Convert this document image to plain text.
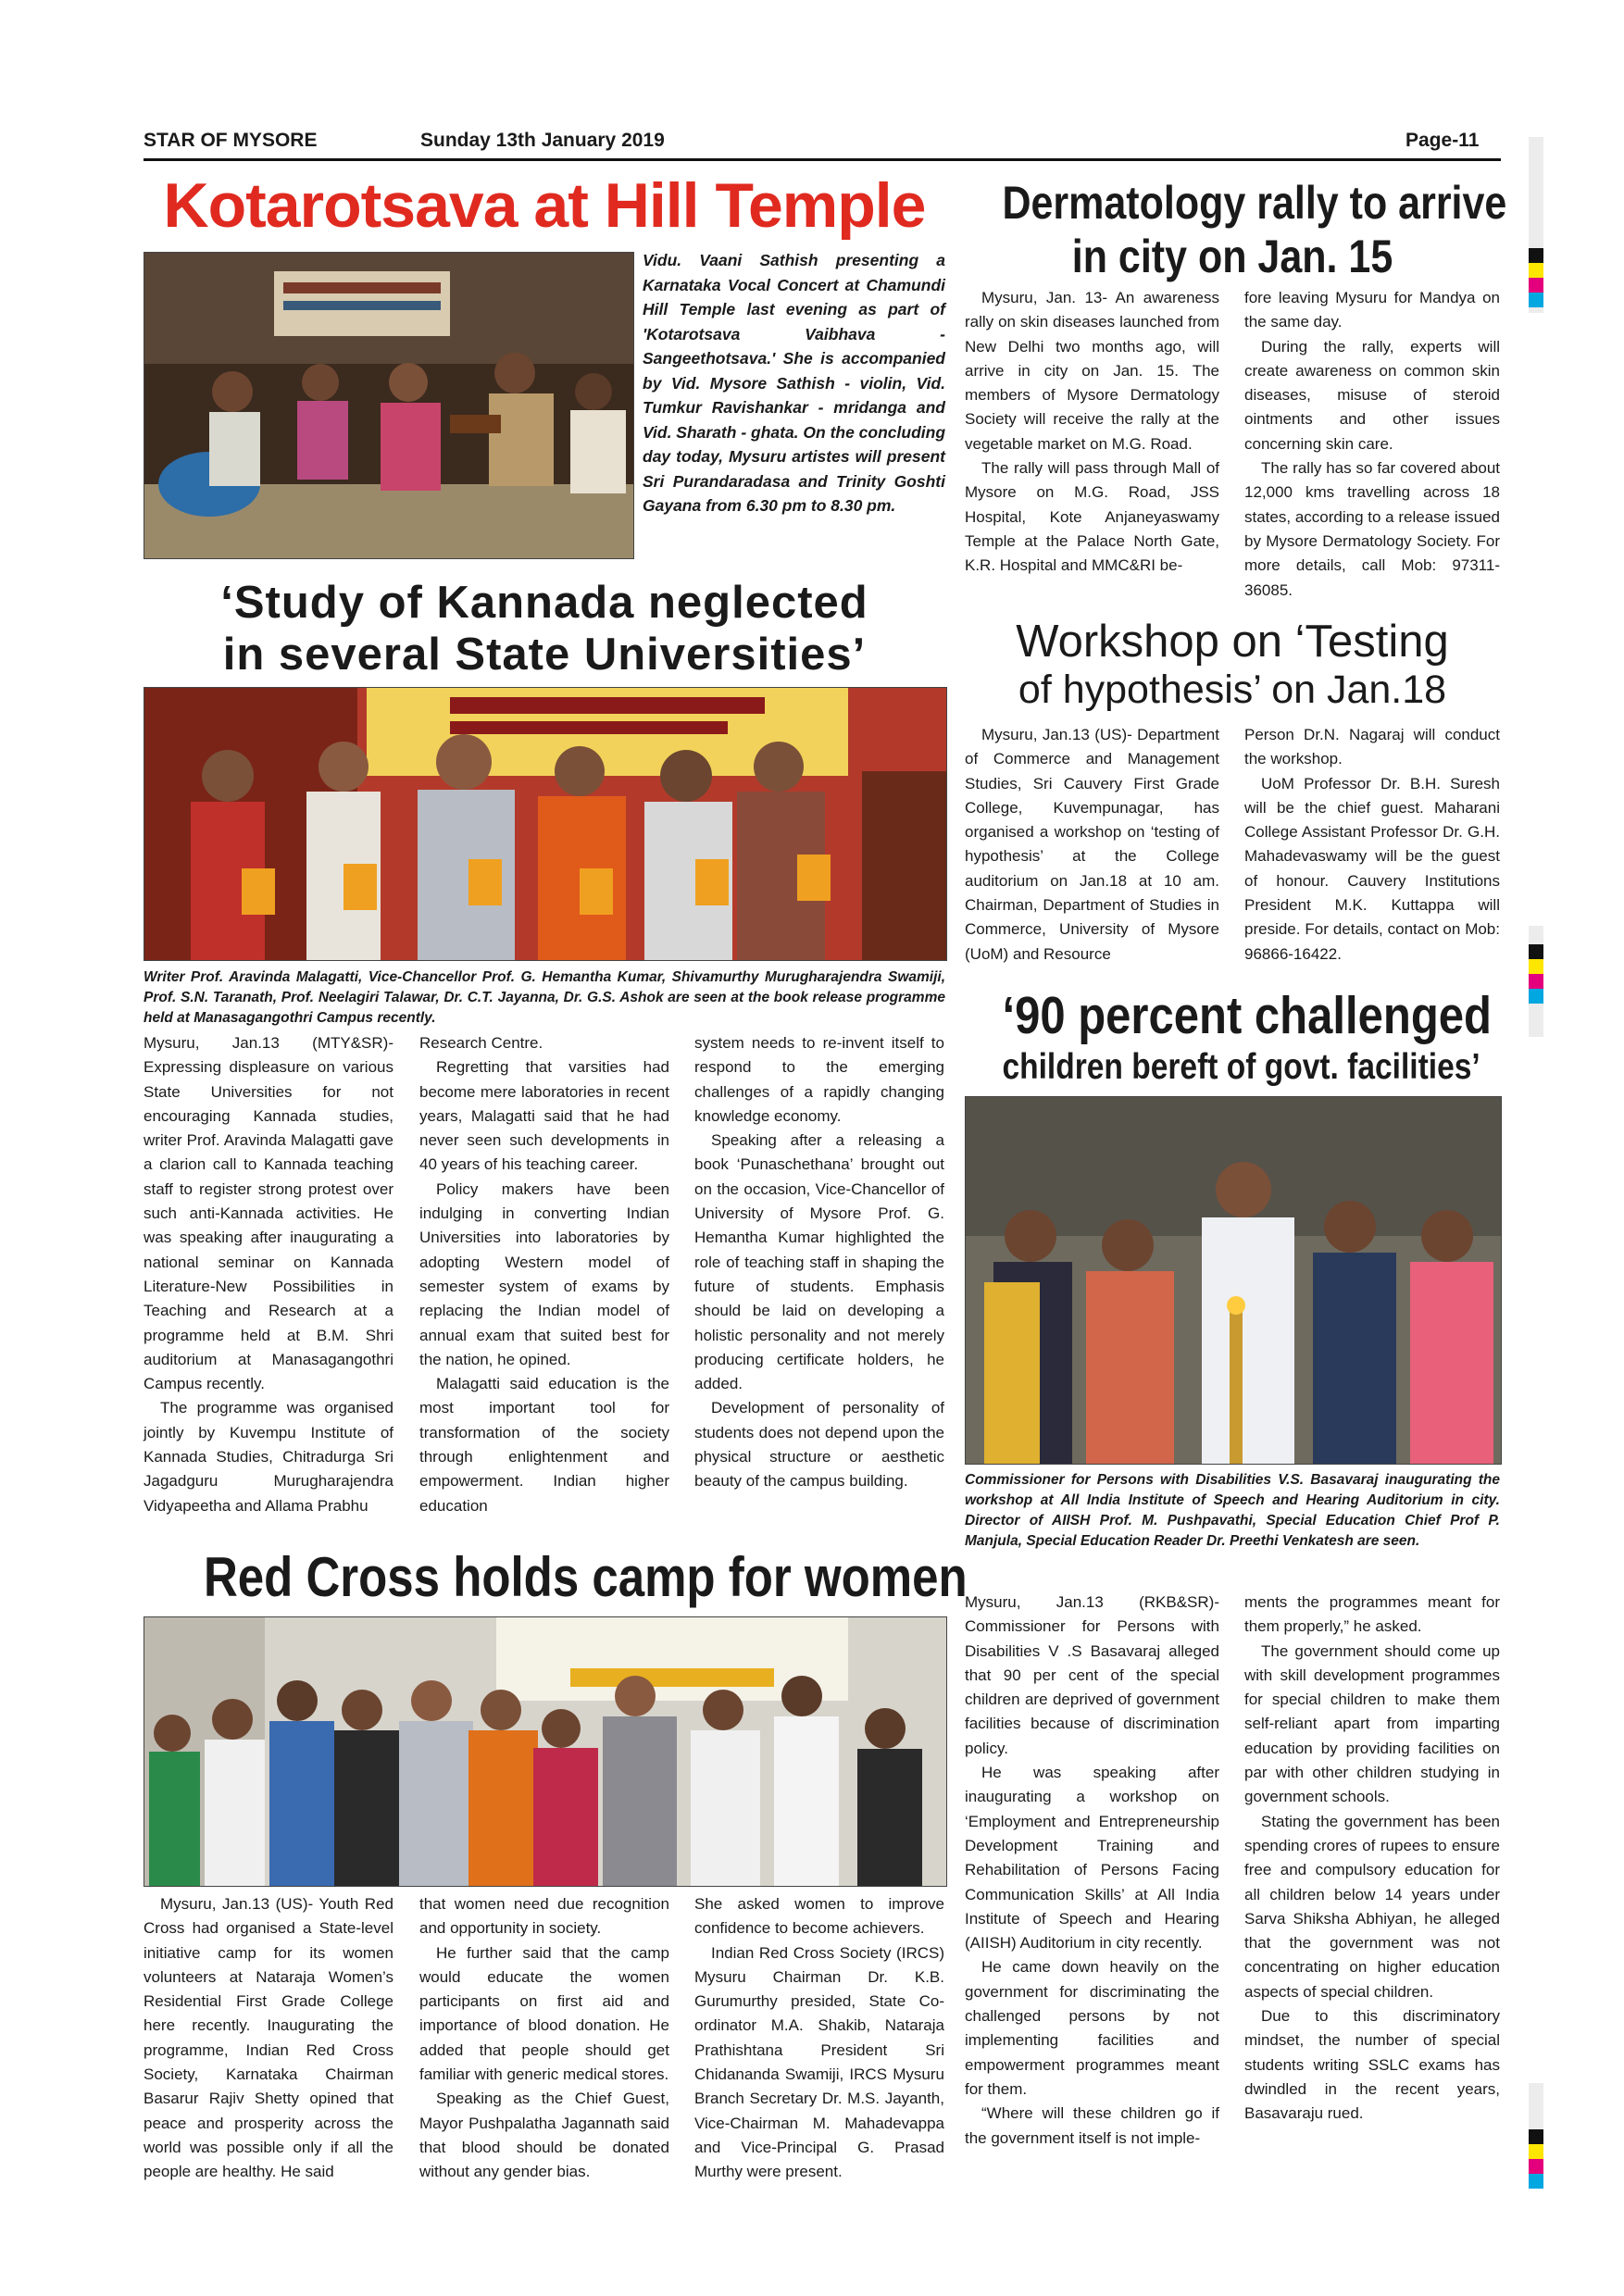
STAR OF MYSORE	Sunday 13th January 2019	Page-11
Kotarotsava at Hill Temple
Vidu. Vaani Sathish presenting a Karnataka Vocal Concert at Chamundi Hill Temple last evening as part of 'Kotarotsava Vaibhava - Sangeethotsava.' She is accompanied by Vid. Mysore Sathish - violin, Vid. Tumkur Ravishankar - mridanga and Vid. Sharath - ghata. On the concluding day today, Mysuru artistes will present Sri Purandaradasa and Trinity Goshti Gayana from 6.30 pm to 8.30 pm.
‘Study of Kannada neglected
in several State Universities’
Writer Prof. Aravinda Malagatti, Vice-Chancellor Prof. G. Hemantha Kumar, Shivamurthy Murugharajendra Swamiji, Prof. S.N. Taranath, Prof. Neelagiri Talawar, Dr. C.T. Jayanna, Dr. G.S. Ashok are seen at the book release programme held at Manasagangothri Campus recently.

Mysuru, Jan.13 (MTY&SR)- Expressing displeasure on various State Universities for not encouraging Kannada studies, writer Prof. Aravinda Malagatti gave a clarion call to Kannada teaching staff to register strong protest over such anti-Kannada activities. He was speaking after inaugurating a national seminar on Kannada Literature-New Possibilities in Teaching and Research at a programme held at B.M. Shri auditorium at Manasagangothri Campus recently.

The programme was organised jointly by Kuvempu Institute of Kannada Studies, Chitradurga Sri Jagadguru Murugharajendra Vidyapeetha and Allama Prabhu

Research Centre.

Regretting that varsities had become mere laboratories in recent years, Malagatti said that he had never seen such developments in 40 years of his teaching career.

Policy makers have been indulging in converting Indian Universities into laboratories by adopting Western model of semester system of exams by replacing the Indian model of annual exam that suited best for the nation, he opined.

Malagatti said education is the most important tool for transformation of the society through enlightenment and empowerment. Indian higher education

system needs to re-invent itself to respond to the emerging challenges of a rapidly changing knowledge economy.

Speaking after a releasing a book ‘Punaschethana’ brought out on the occasion, Vice-Chancellor of University of Mysore Prof. G. Hemantha Kumar highlighted the role of teaching staff in shaping the future of students. Emphasis should be laid on developing a holistic personality and not merely producing certificate holders, he added.

Development of personality of students does not depend upon the physical structure or aesthetic beauty of the campus building.

Red Cross holds camp for women

Mysuru, Jan.13 (US)- Youth Red Cross had organised a State-level initiative camp for its women volunteers at Nataraja Women’s Residential First Grade College here recently. Inaugurating the programme, Indian Red Cross Society, Karnataka Chairman Basarur Rajiv Shetty opined that peace and prosperity across the world was possible only if all the people are healthy. He said

that women need due recognition and opportunity in society.

He further said that the camp would educate the women participants on first aid and importance of blood donation. He added that people should get familiar with generic medical stores.

Speaking as the Chief Guest, Mayor Pushpalatha Jagannath said that blood should be donated without any gender bias.

She asked women to improve confidence to become achievers.

Indian Red Cross Society (IRCS) Mysuru Chairman Dr. K.B. Gurumurthy presided, State Co-ordinator M.A. Shakib, Nataraja Prathishtana President Sri Chidananda Swamiji, IRCS Mysuru Branch Secretary Dr. M.S. Jayanth, Vice-Chairman M. Mahadevappa and Vice-Principal G. Prasad Murthy were present.

Dermatology rally to arrive
in city on Jan. 15

Mysuru, Jan. 13- An awareness rally on skin diseases launched from New Delhi two months ago, will arrive in city on Jan. 15. The members of Mysore Dermatology Society will receive the rally at the vegetable market on M.G. Road.

The rally will pass through Mall of Mysore on M.G. Road, JSS Hospital, Kote Anjaneyaswamy Temple at the Palace North Gate, K.R. Hospital and MMC&RI be-

fore leaving Mysuru for Mandya on the same day.

During the rally, experts will create awareness on common skin diseases, misuse of steroid ointments and other issues concerning skin care.

The rally has so far covered about 12,000 kms travelling across 18 states, according to a release issued by Mysore Dermatology Society. For more details, call Mob: 97311-36085.

Workshop on ‘Testing
of hypothesis’ on Jan.18

Mysuru, Jan.13 (US)- Department of Commerce and Management Studies, Sri Cauvery First Grade College, Kuvempunagar, has organised a workshop on ‘testing of hypothesis’ at the College auditorium on Jan.18 at 10 am. Chairman, Department of Studies in Commerce, University of Mysore (UoM) and Resource

Person Dr.N. Nagaraj will conduct the workshop.

UoM Professor Dr. B.H. Suresh will be the chief guest. Maharani College Assistant Professor Dr. G.H. Mahadevaswamy will be the guest of honour. Cauvery Institutions President M.K. Kuttappa will preside. For details, contact on Mob: 96866-16422.

‘90 percent challenged
children bereft of govt. facilities’
Commissioner for Persons with Disabilities V.S. Basavaraj inaugurating the workshop at All India Institute of Speech and Hearing Auditorium in city. Director of AIISH Prof. M. Pushpavathi, Special Education Chief Prof P. Manjula, Special Education Reader Dr. Preethi Venkatesh are seen.

Mysuru, Jan.13 (RKB&SR)- Commissioner for Persons with Disabilities V .S Basavaraj alleged that 90 per cent of the special children are deprived of government facilities because of discrimination policy.

He was speaking after inaugurating a workshop on ‘Employment and Entrepreneurship Development Training and Rehabilitation of Persons Facing Communication Skills’ at All India Institute of Speech and Hearing (AIISH) Auditorium in city recently.

He came down heavily on the government for discriminating the challenged persons by not implementing facilities and empowerment programmes meant for them.

“Where will these children go if the government itself is not imple-

ments the programmes meant for them properly,” he asked.

The government should come up with skill development programmes for special children to make them self-reliant apart from imparting education by providing facilities on par with other children studying in government schools.

Stating the government has been spending crores of rupees to ensure free and compulsory education for all children below 14 years under Sarva Shiksha Abhiyan, he alleged that the government was not concentrating on higher education aspects of special children.

Due to this discriminatory mindset, the number of special students writing SSLC exams has dwindled in the recent years, Basavaraju rued.
